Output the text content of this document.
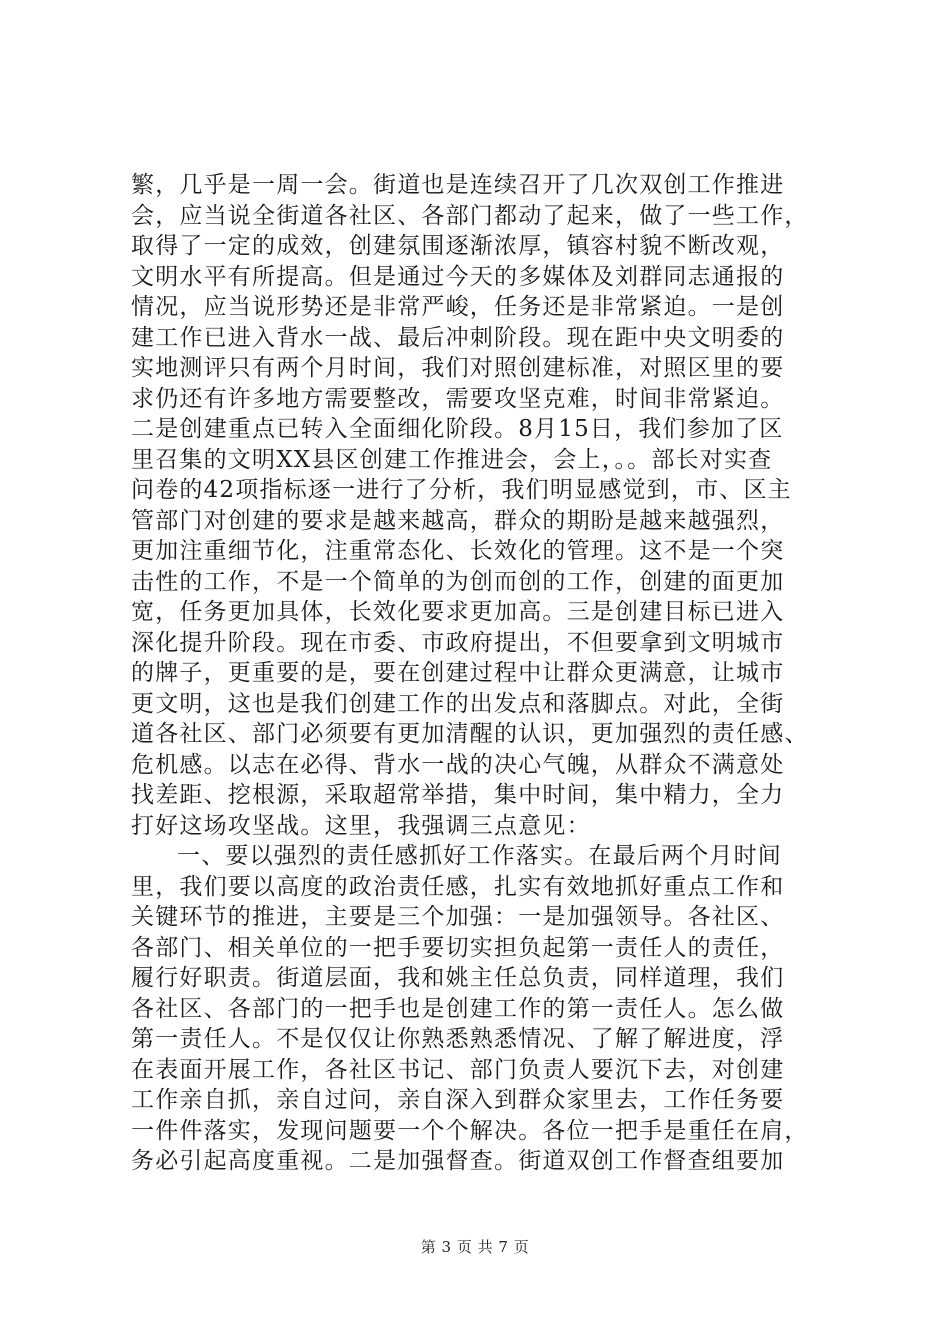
繁，几乎是一周一会。街道也是连续召开了几次双创工作推进
会，应当说全街道各社区、各部门都动了起来，做了一些工作，
取得了一定的成效，创建氛围逐渐浓厚，镇容村貌不断改观，
文明水平有所提高。但是通过今天的多媒体及刘群同志通报的
情况，应当说形势还是非常严峻，任务还是非常紧迫。一是创
建工作已进入背水一战、最后冲刺阶段。现在距中央文明委的
实地测评只有两个月时间，我们对照创建标准，对照区里的要
求仍还有许多地方需要整改，需要攻坚克难，时间非常紧迫。
二是创建重点已转入全面细化阶段。8月15日，我们参加了区
里召集的文明XX县区创建工作推进会，会上，。。部长对实查
问卷的42项指标逐一进行了分析，我们明显感觉到，市、区主
管部门对创建的要求是越来越高，群众的期盼是越来越强烈，
更加注重细节化，注重常态化、长效化的管理。这不是一个突
击性的工作，不是一个简单的为创而创的工作，创建的面更加
宽，任务更加具体，长效化要求更加高。三是创建目标已进入
深化提升阶段。现在市委、市政府提出，不但要拿到文明城市
的牌子，更重要的是，要在创建过程中让群众更满意，让城市
更文明，这也是我们创建工作的出发点和落脚点。对此，全街
道各社区、部门必须要有更加清醒的认识，更加强烈的责任感、
危机感。以志在必得、背水一战的决心气魄，从群众不满意处
找差距、挖根源，采取超常举措，集中时间，集中精力，全力
打好这场攻坚战。这里，我强调三点意见：
一、要以强烈的责任感抓好工作落实。在最后两个月时间
里，我们要以高度的政治责任感，扎实有效地抓好重点工作和
关键环节的推进，主要是三个加强：一是加强领导。各社区、
各部门、相关单位的一把手要切实担负起第一责任人的责任，
履行好职责。街道层面，我和姚主任总负责，同样道理，我们
各社区、各部门的一把手也是创建工作的第一责任人。怎么做
第一责任人。不是仅仅让你熟悉熟悉情况、了解了解进度，浮
在表面开展工作，各社区书记、部门负责人要沉下去，对创建
工作亲自抓，亲自过问，亲自深入到群众家里去，工作任务要
一件件落实，发现问题要一个个解决。各位一把手是重任在肩，
务必引起高度重视。二是加强督查。街道双创工作督查组要加
第 3 页 共 7 页
